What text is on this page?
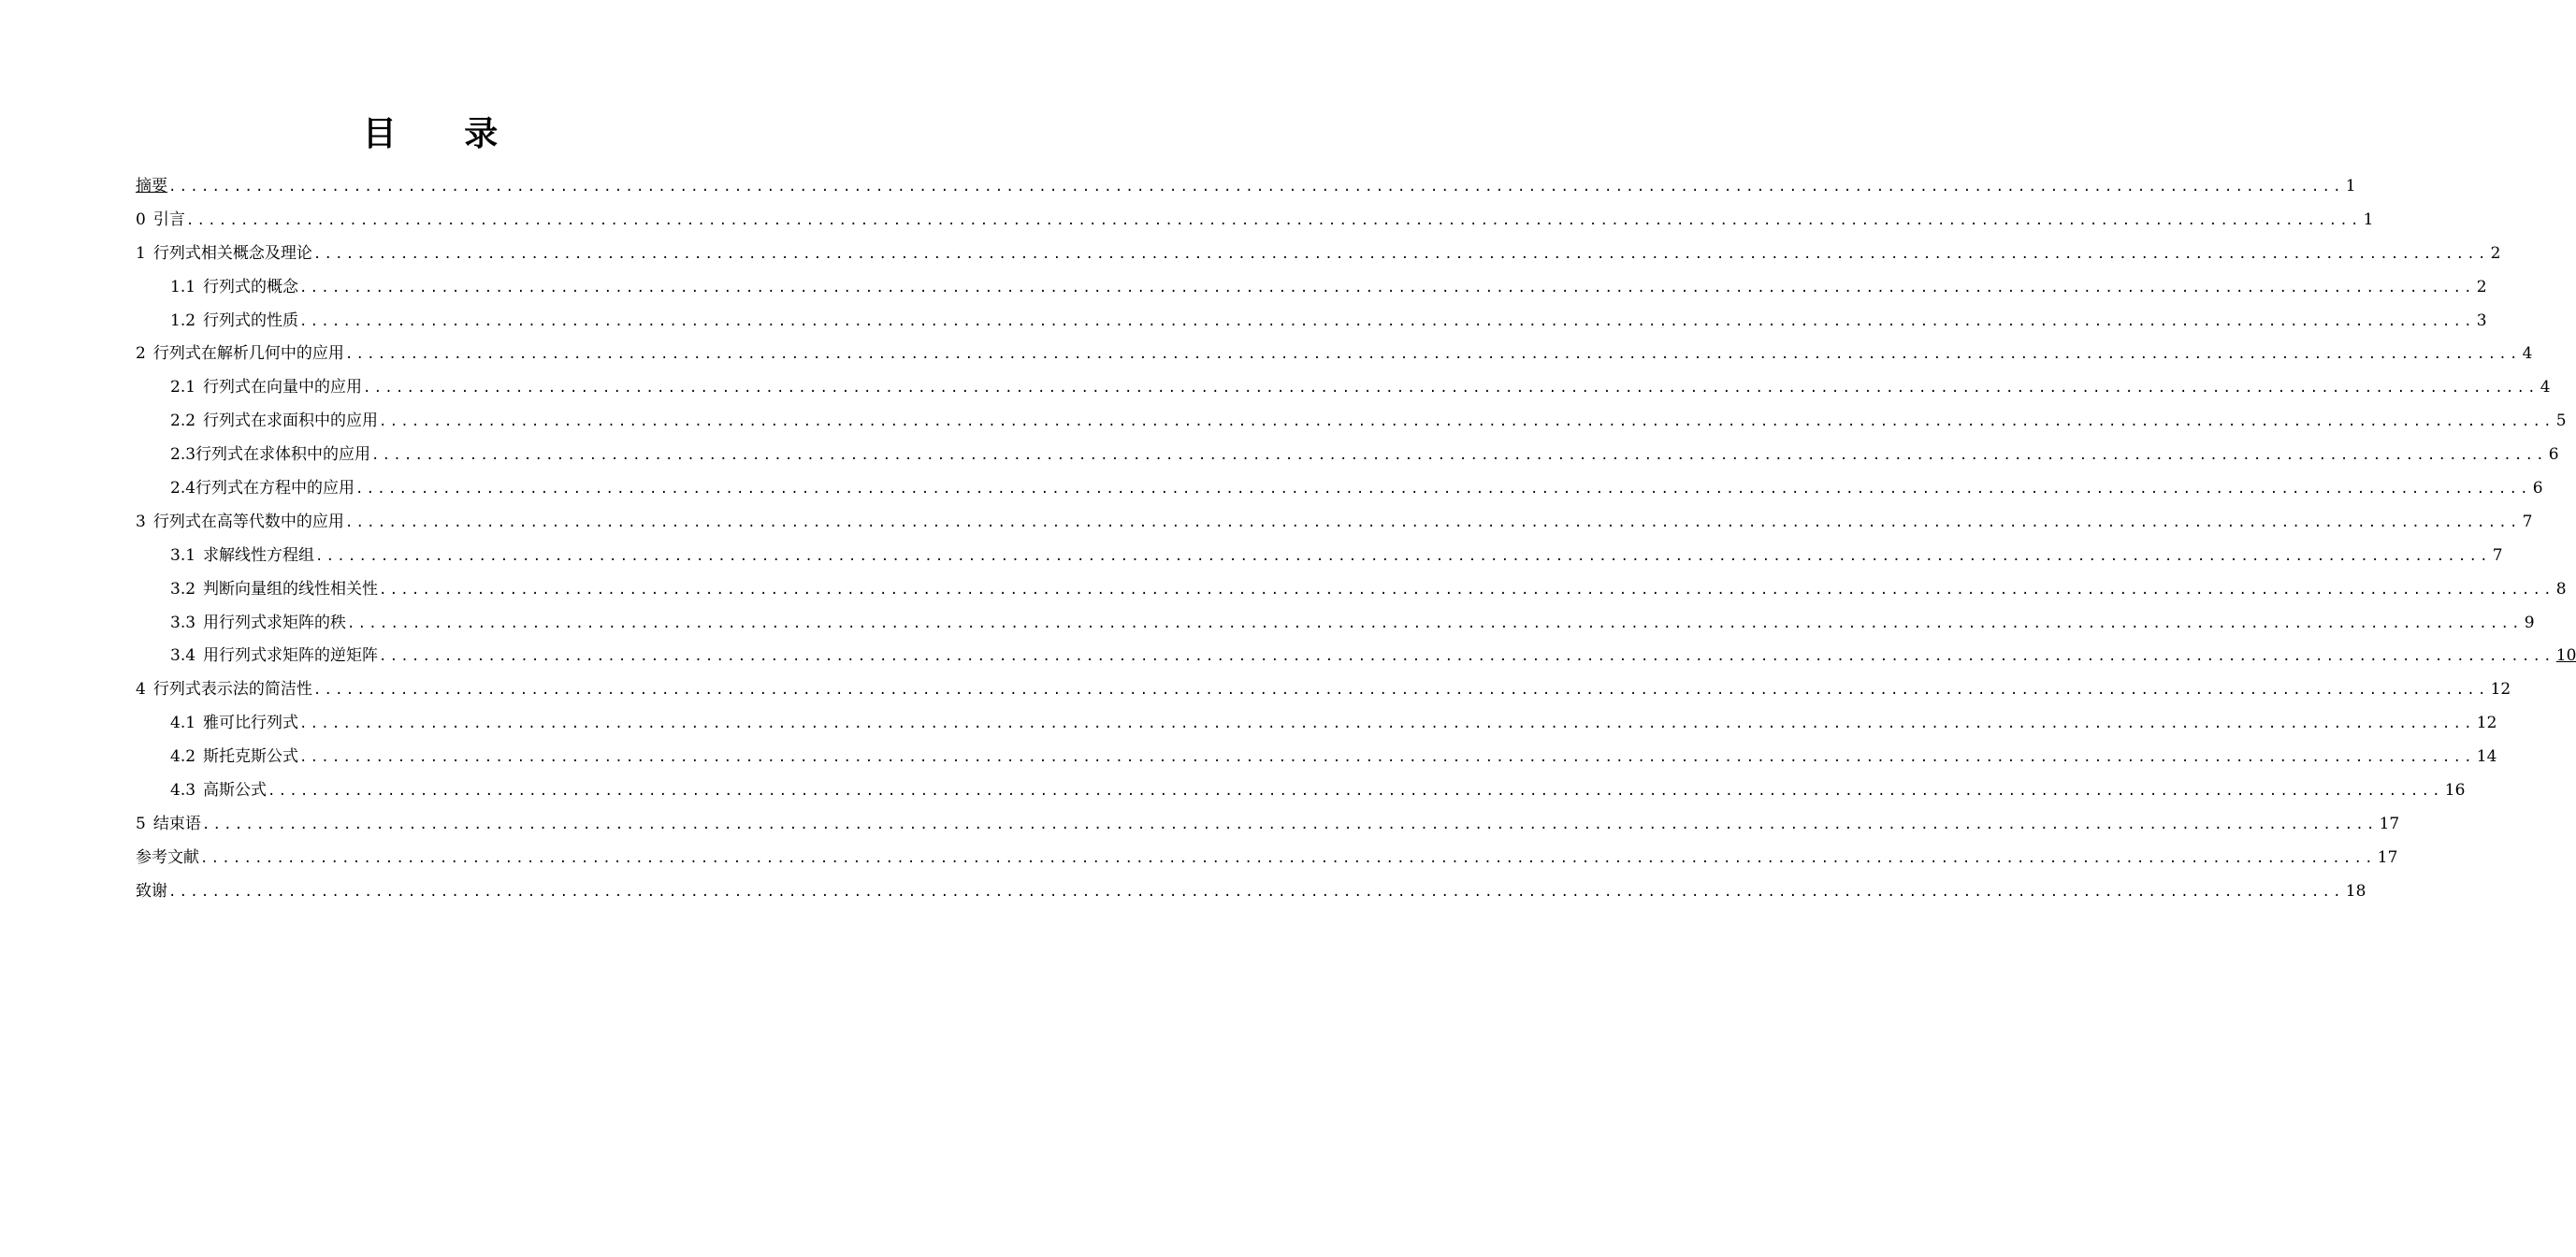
目 录
摘要 ........................................................................................................................................................................................................ 1
0 引言 ........................................................................................................................................................................................................ 1
1 行列式相关概念及理论 ........................................................................................................................................................................................................ 2
1.1 行列式的概念 ........................................................................................................................................................................................................ 2
1.2 行列式的性质 ........................................................................................................................................................................................................ 3
2 行列式在解析几何中的应用 ........................................................................................................................................................................................................ 4
2.1 行列式在向量中的应用 ........................................................................................................................................................................................................ 4
2.2 行列式在求面积中的应用 ........................................................................................................................................................................................................ 5
2.3 行列式在求体积中的应用 ........................................................................................................................................................................................................ 6
2.4 行列式在方程中的应用 ........................................................................................................................................................................................................ 6
3 行列式在高等代数中的应用 ........................................................................................................................................................................................................ 7
3.1 求解线性方程组 ........................................................................................................................................................................................................ 7
3.2 判断向量组的线性相关性 ........................................................................................................................................................................................................ 8
3.3 用行列式求矩阵的秩 ........................................................................................................................................................................................................ 9
3.4 用行列式求矩阵的逆矩阵 ........................................................................................................................................................................................................ 10
4 行列式表示法的简洁性 ........................................................................................................................................................................................................ 12
4.1 雅可比行列式 ........................................................................................................................................................................................................ 12
4.2 斯托克斯公式 ........................................................................................................................................................................................................ 14
4.3 高斯公式 ........................................................................................................................................................................................................ 16
5 结束语 ........................................................................................................................................................................................................ 17
参考文献 ........................................................................................................................................................................................................ 17
致谢 ........................................................................................................................................................................................................ 18
